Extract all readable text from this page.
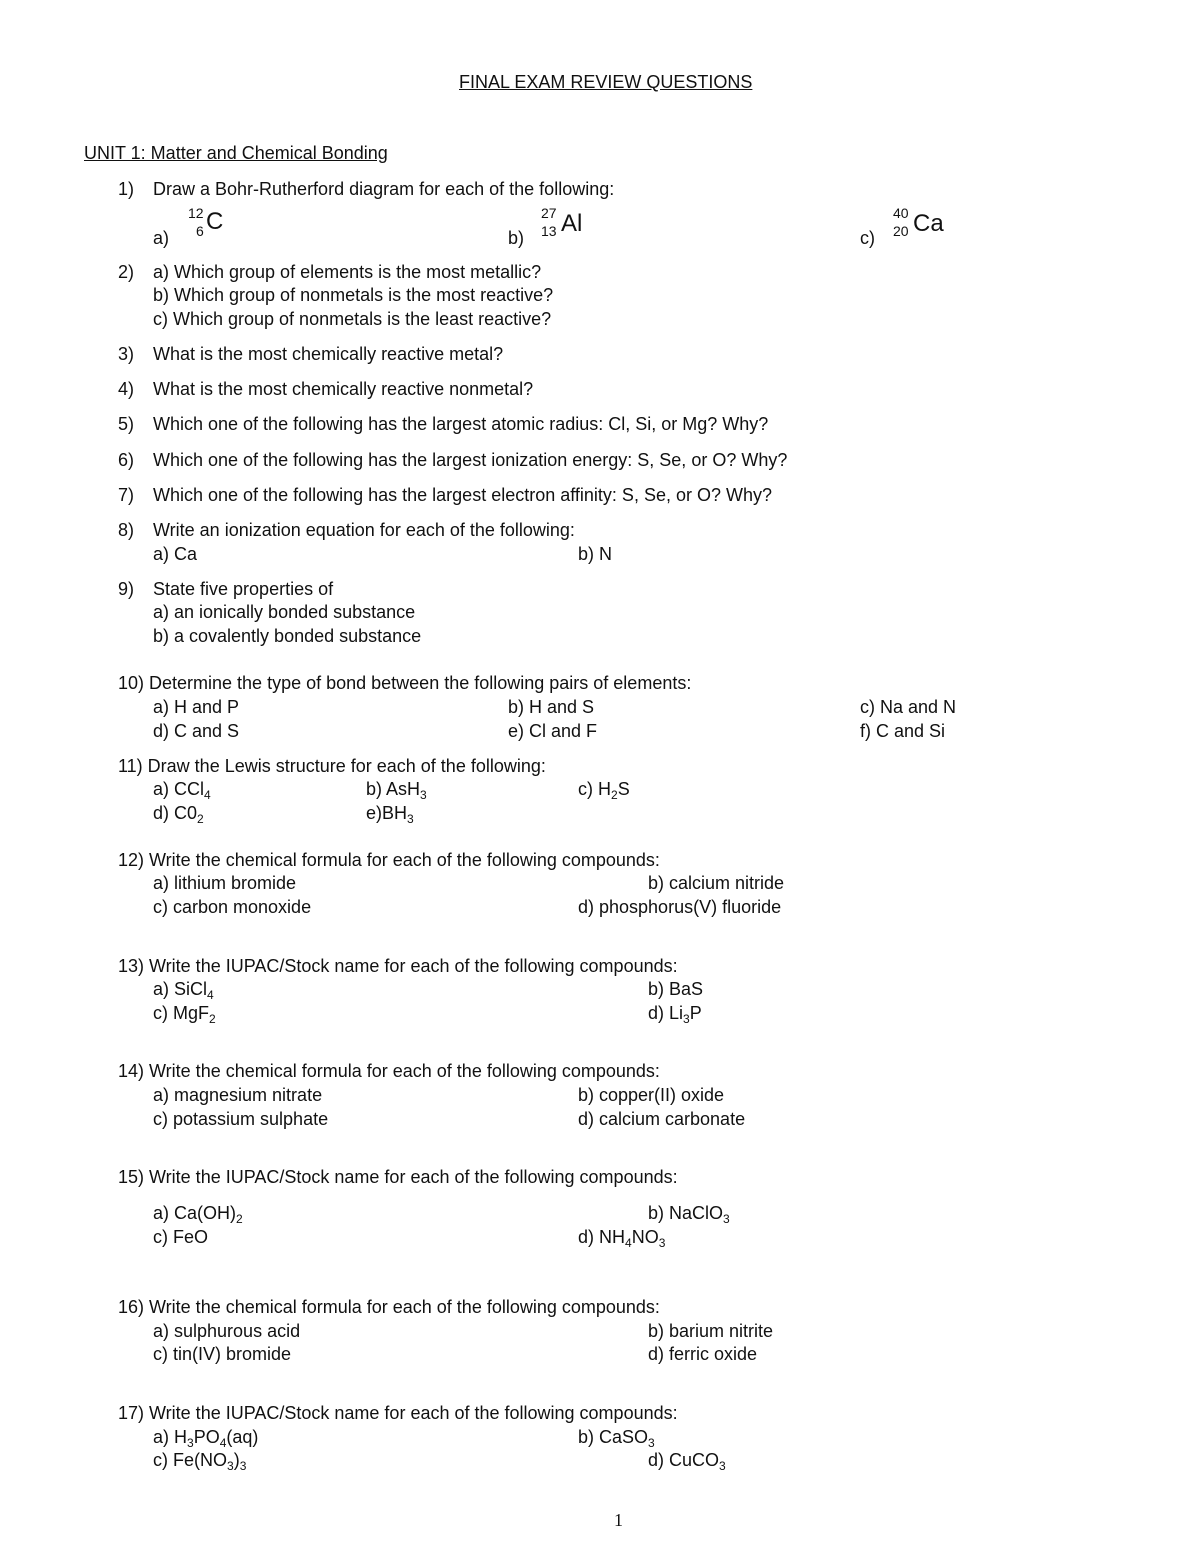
FINAL EXAM REVIEW QUESTIONS
UNIT 1: Matter and Chemical Bonding
1) Draw a Bohr-Rutherford diagram for each of the following:
a)
12
6 C
b)
27
13 Al
c)
40
20 Ca
2) a) Which group of elements is the most metallic?
b) Which group of nonmetals is the most reactive?
c) Which group of nonmetals is the least reactive?
3) What is the most chemically reactive metal?
4) What is the most chemically reactive nonmetal?
5) Which one of the following has the largest atomic radius: Cl, Si, or Mg? Why?
6) Which one of the following has the largest ionization energy: S, Se, or O? Why?
7) Which one of the following has the largest electron affinity: S, Se, or O? Why?
8) Write an ionization equation for each of the following:
a) Ca	b) N
9) State five properties of
a) an ionically bonded substance
b) a covalently bonded substance
10) Determine the type of bond between the following pairs of elements:
a) H and P	b) H and S	c) Na and N
d) C and S	e) Cl and F	f) C and Si
11) Draw the Lewis structure for each of the following:
a) CCl$_4$	b) AsH$_3$	c) $H_2S$
d) $C0_2$	$e)BH_3$
12) Write the chemical formula for each of the following compounds:
a) lithium bromide	b) calcium nitride
c) carbon monoxide	d) phosphorus(V) fluoride
13) Write the IUPAC/Stock name for each of the following compounds:
a) SiCl$_4$	b) BaS
c) MgF$_2$	d) $Li_3P$
14) Write the chemical formula for each of the following compounds:
a) magnesium nitrate	b) copper(II) oxide
c) potassium sulphate	d) calcium carbonate
15) Write the IUPAC/Stock name for each of the following compounds:
a) $Ca(OH)_2$	b) NaClO$_3$
c) FeO	d) $NH_4NO_3$
16) Write the chemical formula for each of the following compounds:
a) sulphurous acid	b) barium nitrite
c) tin(IV) bromide	d) ferric oxide
17) Write the IUPAC/Stock name for each of the following compounds:
a) $H_3PO_4(aq)$	b) CaSO$_3$
c) $Fe(NO_3)_3$	d) CuCO$_3$
1
